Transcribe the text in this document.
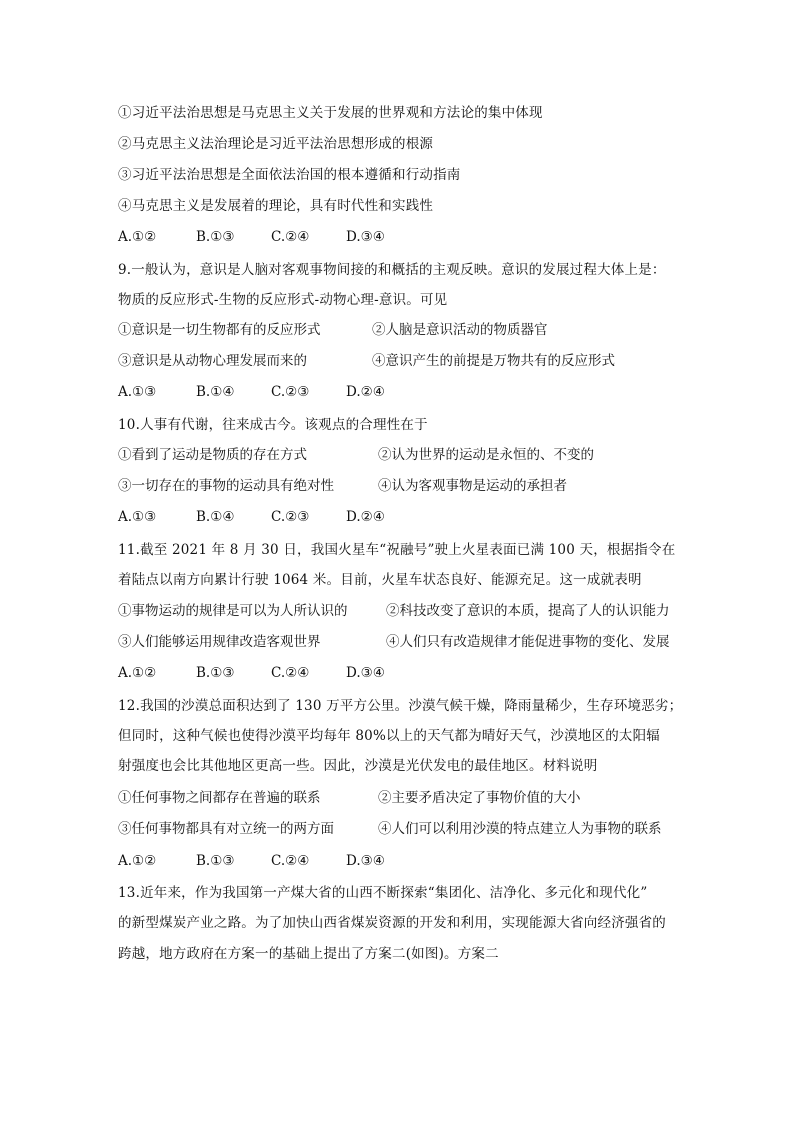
①习近平法治思想是马克思主义关于发展的世界观和方法论的集中体现
②马克思主义法治理论是习近平法治思想形成的根源
③习近平法治思想是全面依法治国的根本遵循和行动指南
④马克思主义是发展着的理论，具有时代性和实践性
A.①②	B.①③	C.②④	D.③④
9.一般认为，意识是人脑对客观事物间接的和概括的主观反映。意识的发展过程大体上是：
物质的反应形式-生物的反应形式-动物心理-意识。可见
①意识是一切生物都有的反应形式	②人脑是意识活动的物质器官
③意识是从动物心理发展而来的	④意识产生的前提是万物共有的反应形式
A.①③	B.①④	C.②③	D.②④
10.人事有代谢，往来成古今。该观点的合理性在于
①看到了运动是物质的存在方式	②认为世界的运动是永恒的、不变的
③一切存在的事物的运动具有绝对性	④认为客观事物是运动的承担者
A.①③	B.①④	C.②③	D.②④
11.截至 2021 年 8 月 30 日，我国火星车“祝融号”驶上火星表面已满 100 天，根据指令在
着陆点以南方向累计行驶 1064 米。目前，火星车状态良好、能源充足。这一成就表明
①事物运动的规律是可以为人所认识的	②科技改变了意识的本质，提高了人的认识能力
③人们能够运用规律改造客观世界	④人们只有改造规律才能促进事物的变化、发展
A.①②	B.①③	C.②④	D.③④
12.我国的沙漠总面积达到了 130 万平方公里。沙漠气候干燥，降雨量稀少，生存环境恶劣；
但同时，这种气候也使得沙漠平均每年 80%以上的天气都为晴好天气，沙漠地区的太阳辐
射强度也会比其他地区更高一些。因此，沙漠是光伏发电的最佳地区。材料说明
①任何事物之间都存在普遍的联系	②主要矛盾决定了事物价值的大小
③任何事物都具有对立统一的两方面	④人们可以利用沙漠的特点建立人为事物的联系
A.①②	B.①③	C.②④	D.③④
13.近年来，作为我国第一产煤大省的山西不断探索“集团化、洁净化、多元化和现代化”
的新型煤炭产业之路。为了加快山西省煤炭资源的开发和利用，实现能源大省向经济强省的
跨越，地方政府在方案一的基础上提出了方案二(如图)。方案二
